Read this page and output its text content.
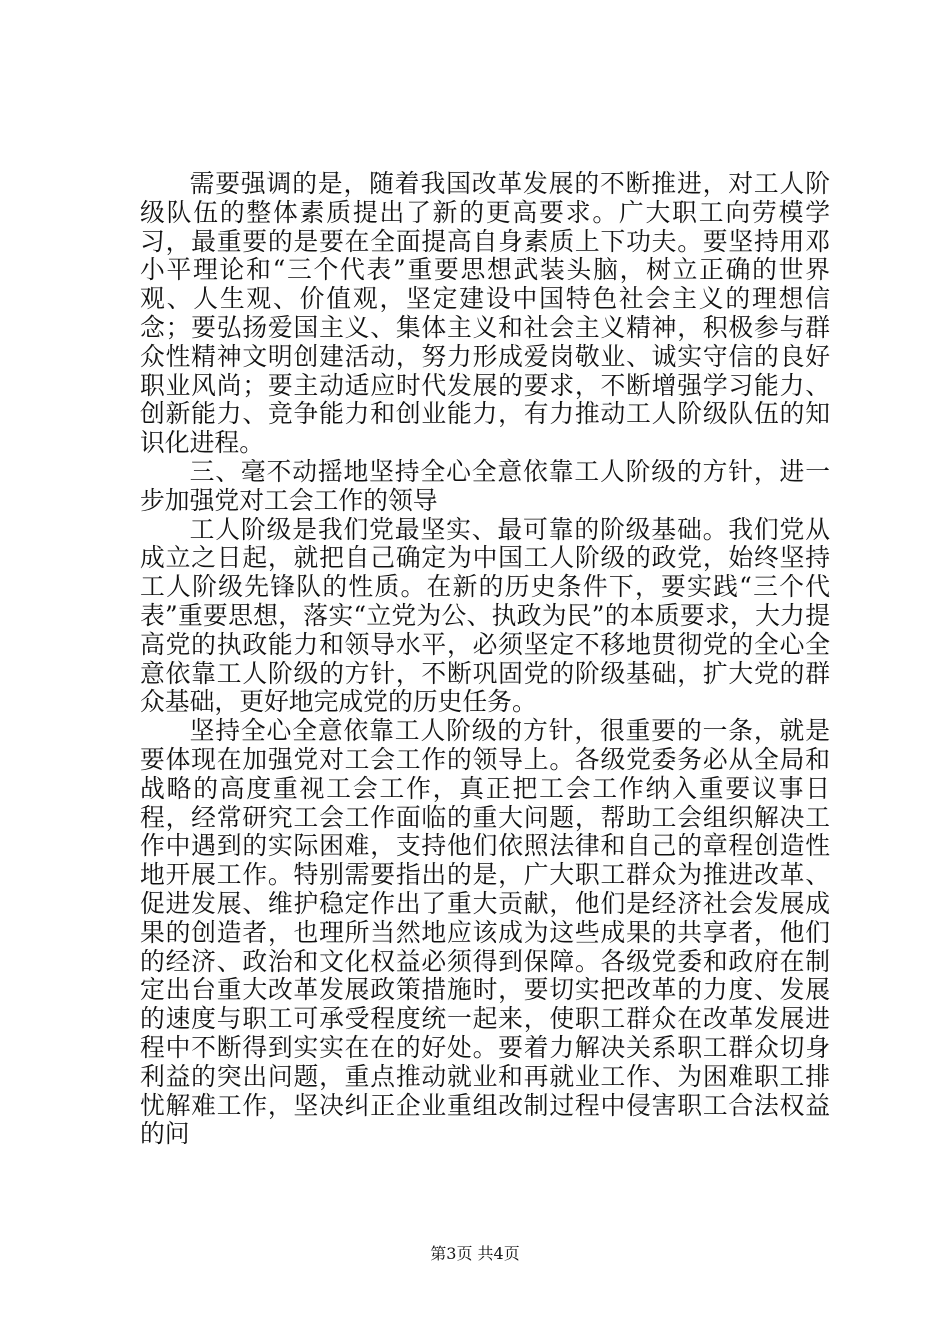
需要强调的是，随着我国改革发展的不断推进，对工人阶级队伍的整体素质提出了新的更高要求。广大职工向劳模学习，最重要的是要在全面提高自身素质上下功夫。要坚持用邓小平理论和“三个代表”重要思想武装头脑，树立正确的世界观、人生观、价值观，坚定建设中国特色社会主义的理想信念；要弘扬爱国主义、集体主义和社会主义精神，积极参与群众性精神文明创建活动，努力形成爱岗敬业、诚实守信的良好职业风尚；要主动适应时代发展的要求，不断增强学习能力、创新能力、竞争能力和创业能力，有力推动工人阶级队伍的知识化进程。

三、毫不动摇地坚持全心全意依靠工人阶级的方针，进一步加强党对工会工作的领导

工人阶级是我们党最坚实、最可靠的阶级基础。我们党从成立之日起，就把自己确定为中国工人阶级的政党，始终坚持工人阶级先锋队的性质。在新的历史条件下，要实践“三个代表”重要思想，落实“立党为公、执政为民”的本质要求，大力提高党的执政能力和领导水平，必须坚定不移地贯彻党的全心全意依靠工人阶级的方针，不断巩固党的阶级基础，扩大党的群众基础，更好地完成党的历史任务。

坚持全心全意依靠工人阶级的方针，很重要的一条，就是要体现在加强党对工会工作的领导上。各级党委务必从全局和战略的高度重视工会工作，真正把工会工作纳入重要议事日程，经常研究工会工作面临的重大问题，帮助工会组织解决工作中遇到的实际困难，支持他们依照法律和自己的章程创造性地开展工作。特别需要指出的是，广大职工群众为推进改革、促进发展、维护稳定作出了重大贡献，他们是经济社会发展成果的创造者，也理所当然地应该成为这些成果的共享者，他们的经济、政治和文化权益必须得到保障。各级党委和政府在制定出台重大改革发展政策措施时，要切实把改革的力度、发展的速度与职工可承受程度统一起来，使职工群众在改革发展进程中不断得到实实在在的好处。要着力解决关系职工群众切身利益的突出问题，重点推动就业和再就业工作、为困难职工排忧解难工作，坚决纠正企业重组改制过程中侵害职工合法权益的问

第3页 共4页
